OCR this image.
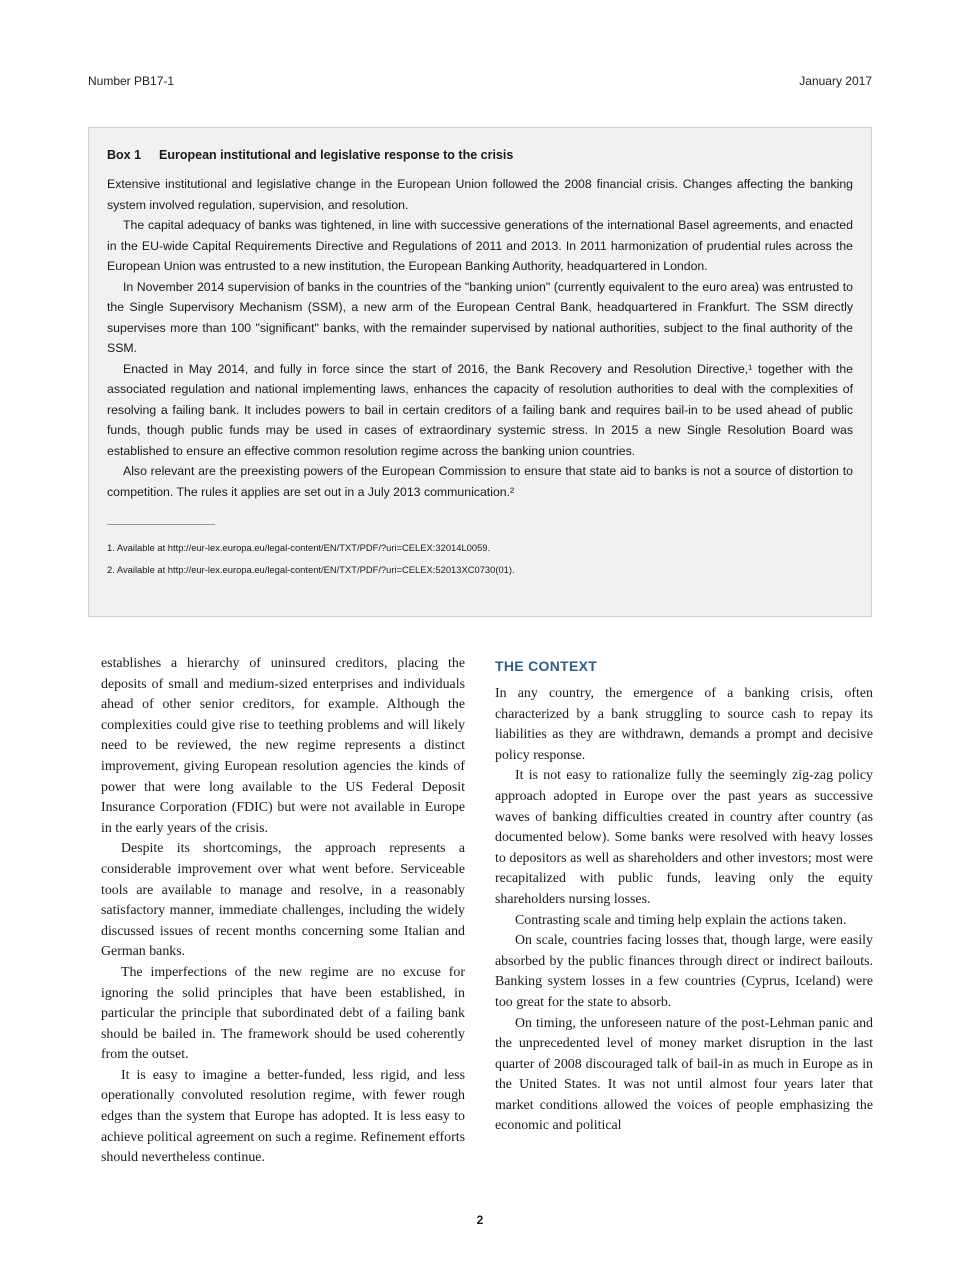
Number PB17-1	January 2017
Box 1 European institutional and legislative response to the crisis

Extensive institutional and legislative change in the European Union followed the 2008 financial crisis. Changes affecting the banking system involved regulation, supervision, and resolution.

The capital adequacy of banks was tightened, in line with successive generations of the international Basel agreements, and enacted in the EU-wide Capital Requirements Directive and Regulations of 2011 and 2013. In 2011 harmonization of prudential rules across the European Union was entrusted to a new institution, the European Banking Authority, headquartered in London.

In November 2014 supervision of banks in the countries of the "banking union" (currently equivalent to the euro area) was entrusted to the Single Supervisory Mechanism (SSM), a new arm of the European Central Bank, headquartered in Frankfurt. The SSM directly supervises more than 100 "significant" banks, with the remainder supervised by national authorities, subject to the final authority of the SSM.

Enacted in May 2014, and fully in force since the start of 2016, the Bank Recovery and Resolution Directive,¹ together with the associated regulation and national implementing laws, enhances the capacity of resolution authorities to deal with the complexities of resolving a failing bank. It includes powers to bail in certain creditors of a failing bank and requires bail-in to be used ahead of public funds, though public funds may be used in cases of extraordinary systemic stress. In 2015 a new Single Resolution Board was established to ensure an effective common resolution regime across the banking union countries.

Also relevant are the preexisting powers of the European Commission to ensure that state aid to banks is not a source of distortion to competition. The rules it applies are set out in a July 2013 communication.²

1. Available at http://eur-lex.europa.eu/legal-content/EN/TXT/PDF/?uri=CELEX:32014L0059.

2. Available at http://eur-lex.europa.eu/legal-content/EN/TXT/PDF/?uri=CELEX:52013XC0730(01).

establishes a hierarchy of uninsured creditors, placing the deposits of small and medium-sized enterprises and individuals ahead of other senior creditors, for example. Although the complexities could give rise to teething problems and will likely need to be reviewed, the new regime represents a distinct improvement, giving European resolution agencies the kinds of power that were long available to the US Federal Deposit Insurance Corporation (FDIC) but were not available in Europe in the early years of the crisis.

Despite its shortcomings, the approach represents a considerable improvement over what went before. Serviceable tools are available to manage and resolve, in a reasonably satisfactory manner, immediate challenges, including the widely discussed issues of recent months concerning some Italian and German banks.

The imperfections of the new regime are no excuse for ignoring the solid principles that have been established, in particular the principle that subordinated debt of a failing bank should be bailed in. The framework should be used coherently from the outset.

It is easy to imagine a better-funded, less rigid, and less operationally convoluted resolution regime, with fewer rough edges than the system that Europe has adopted. It is less easy to achieve political agreement on such a regime. Refinement efforts should nevertheless continue.

THE CONTEXT

In any country, the emergence of a banking crisis, often characterized by a bank struggling to source cash to repay its liabilities as they are withdrawn, demands a prompt and decisive policy response.

It is not easy to rationalize fully the seemingly zig-zag policy approach adopted in Europe over the past years as successive waves of banking difficulties created in country after country (as documented below). Some banks were resolved with heavy losses to depositors as well as shareholders and other investors; most were recapitalized with public funds, leaving only the equity shareholders nursing losses.

Contrasting scale and timing help explain the actions taken.

On scale, countries facing losses that, though large, were easily absorbed by the public finances through direct or indirect bailouts. Banking system losses in a few countries (Cyprus, Iceland) were too great for the state to absorb.

On timing, the unforeseen nature of the post-Lehman panic and the unprecedented level of money market disruption in the last quarter of 2008 discouraged talk of bail-in as much in Europe as in the United States. It was not until almost four years later that market conditions allowed the voices of people emphasizing the economic and political

2
